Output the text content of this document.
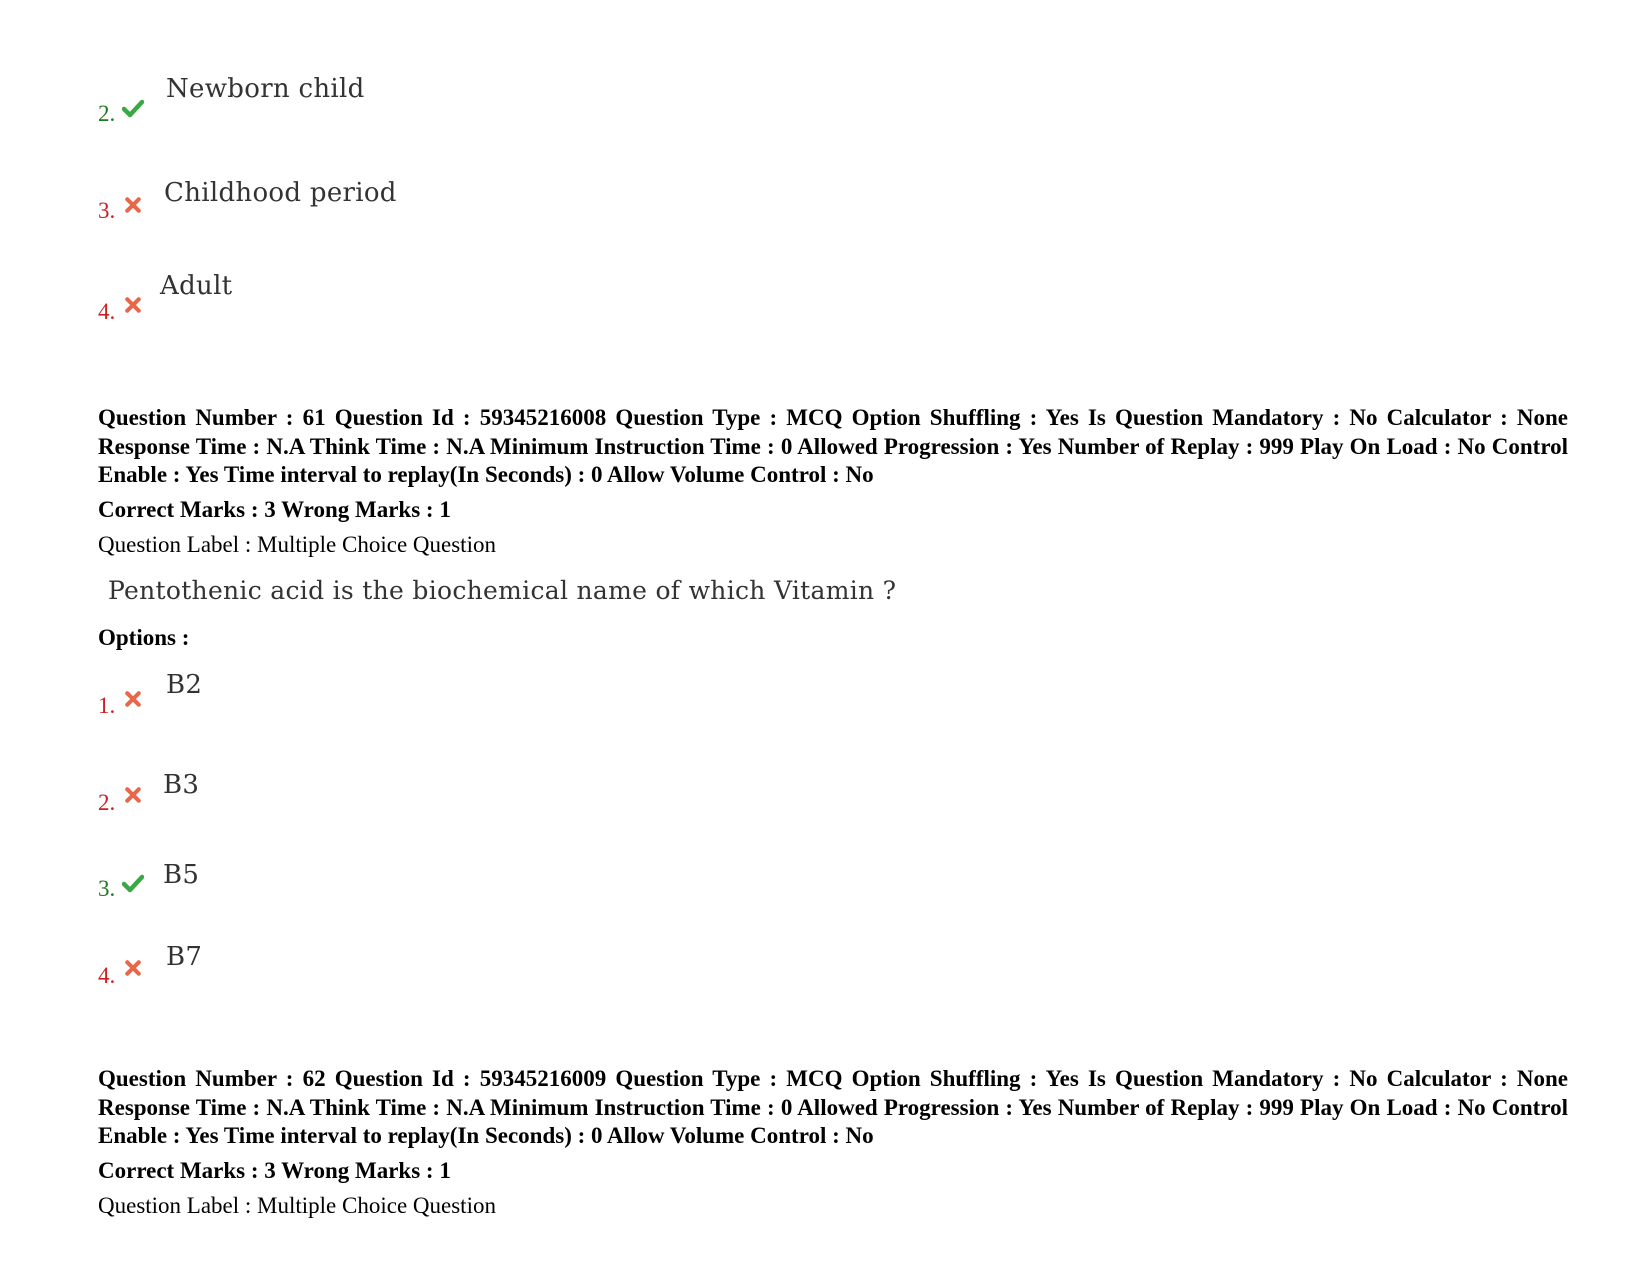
2.
Newborn child
3.
Childhood period
4.
Adult
Question Number : 61 Question Id : 59345216008 Question Type : MCQ Option Shuffling : Yes Is Question Mandatory : No Calculator : None Response Time : N.A Think Time : N.A Minimum Instruction Time : 0 Allowed Progression : Yes Number of Replay : 999 Play On Load : No Control Enable : Yes Time interval to replay(In Seconds) : 0 Allow Volume Control : No
Correct Marks : 3 Wrong Marks : 1
Question Label : Multiple Choice Question
Pentothenic acid is the biochemical name of which Vitamin ?
Options :
1.
B2
2.
B3
3. B5
4.
B7
Question Number : 62 Question Id : 59345216009 Question Type : MCQ Option Shuffling : Yes Is Question Mandatory : No Calculator : None Response Time : N.A Think Time : N.A Minimum Instruction Time : 0 Allowed Progression : Yes Number of Replay : 999 Play On Load : No Control Enable : Yes Time interval to replay(In Seconds) : 0 Allow Volume Control : No
Correct Marks : 3 Wrong Marks : 1
Question Label : Multiple Choice Question
